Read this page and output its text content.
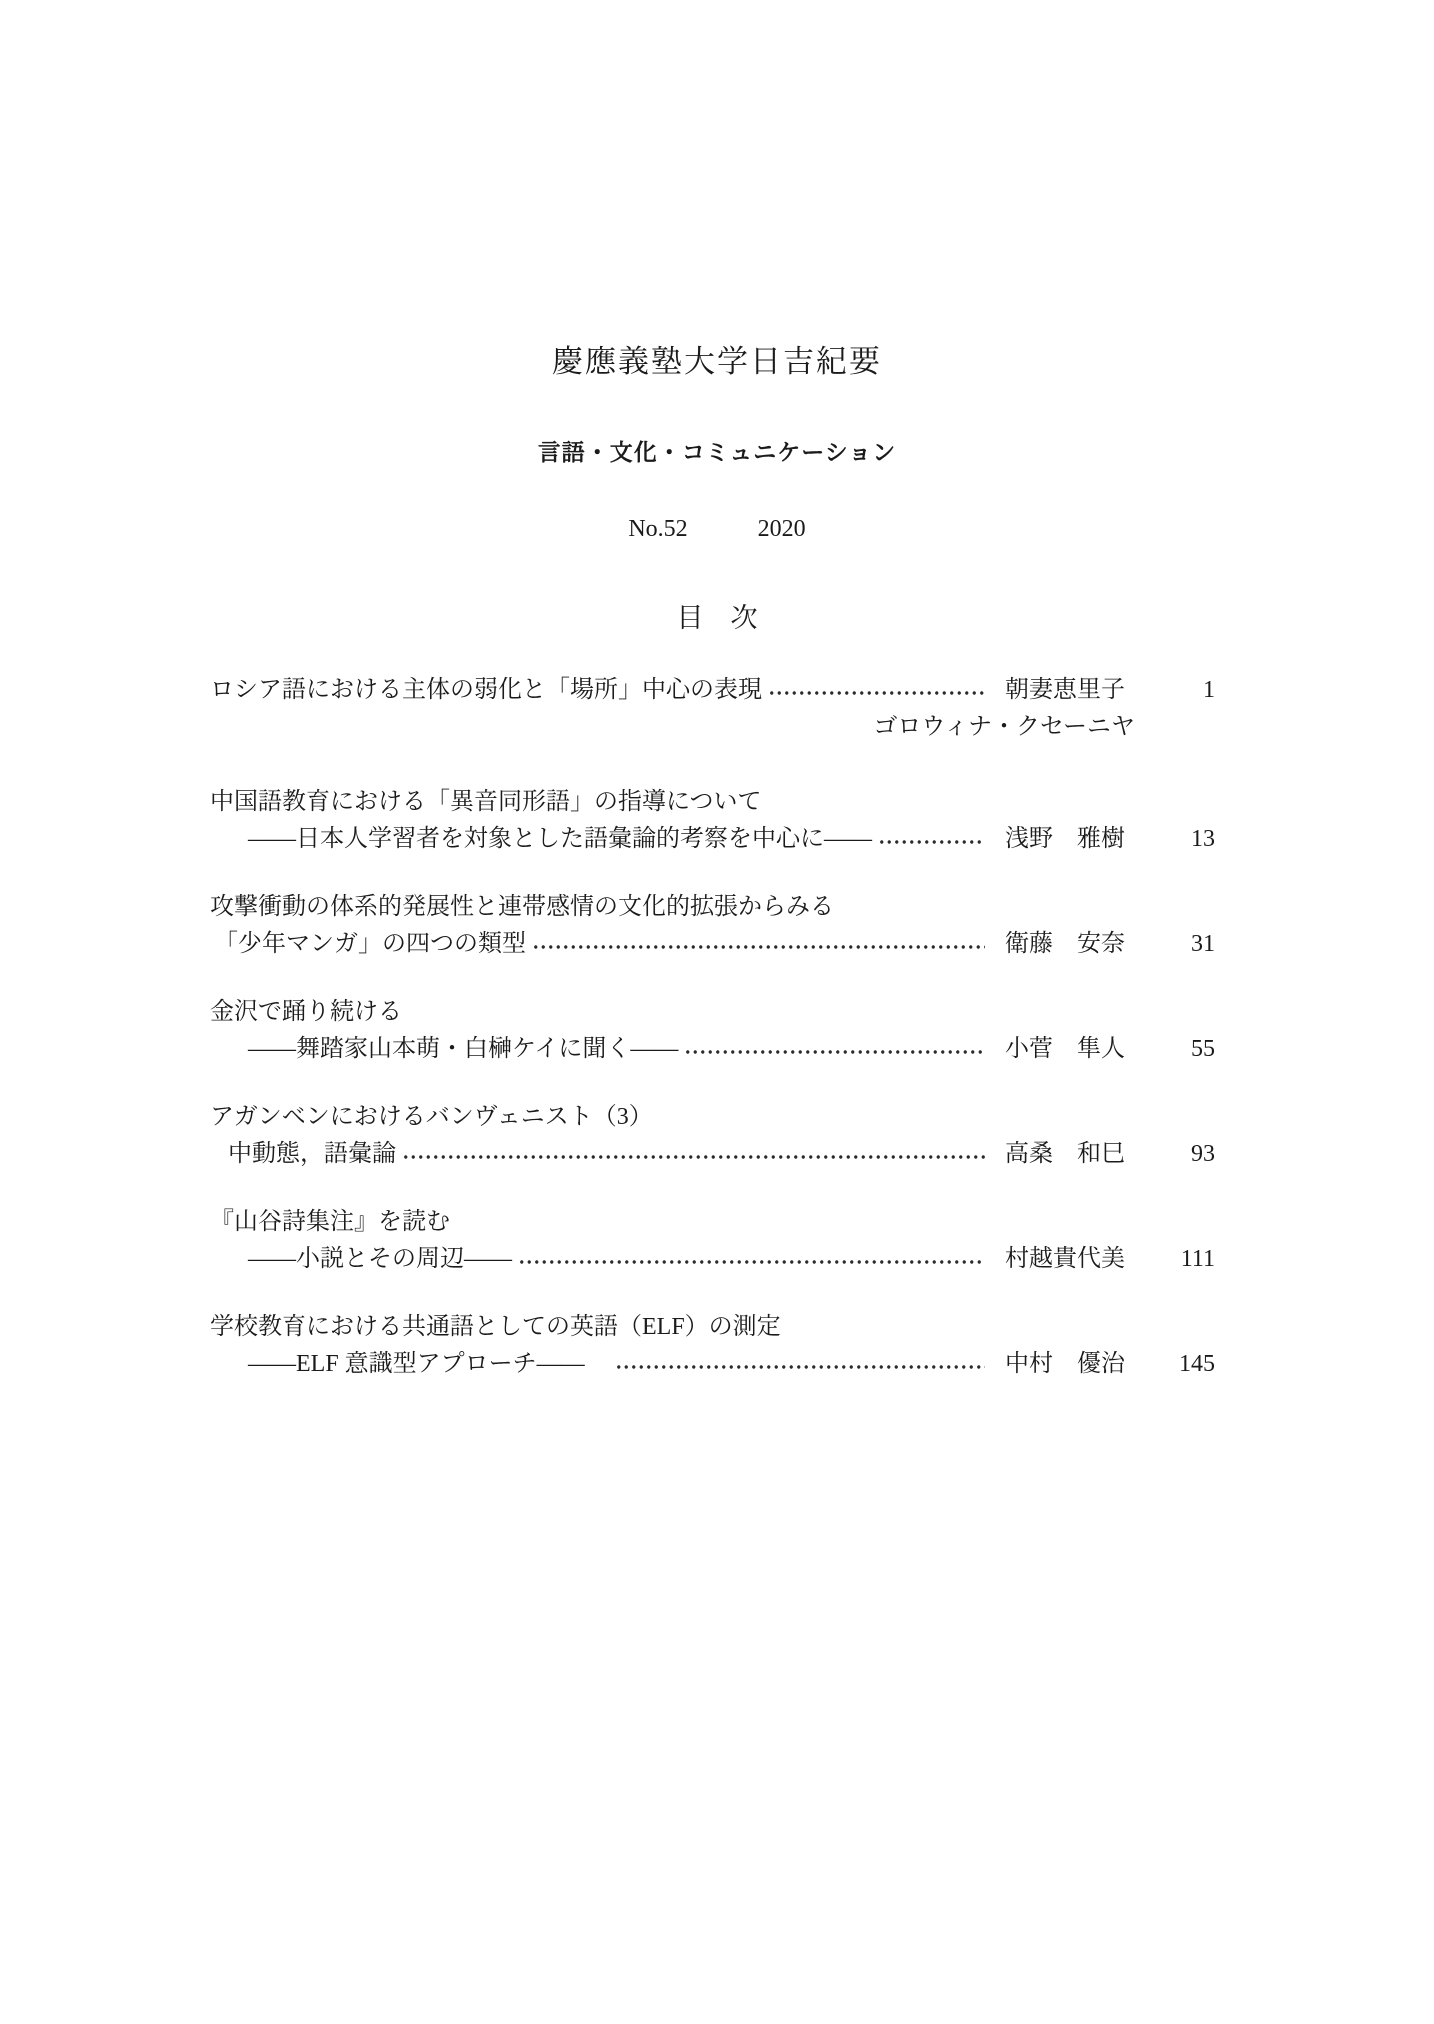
慶應義塾大学日吉紀要
言語・文化・コミュニケーション
No.52	2020
目　次
ロシア語における主体の弱化と「場所」中心の表現	朝妻恵里子	1
ゴロウィナ・クセーニヤ
中国語教育における「異音同形語」の指導について
——日本人学習者を対象とした語彙論的考察を中心に——	浅野　雅樹	13
攻撃衝動の体系的発展性と連帯感情の文化的拡張からみる
「少年マンガ」の四つの類型	衛藤　安奈	31
金沢で踊り続ける
——舞踏家山本萌・白榊ケイに聞く——	小菅　隼人	55
アガンベンにおけるバンヴェニスト（3）
中動態，語彙論	高桑　和巳	93
『山谷詩集注』を読む
——小説とその周辺——	村越貴代美	111
学校教育における共通語としての英語（ELF）の測定
——ELF 意識型アプローチ——　	中村　優治	145
